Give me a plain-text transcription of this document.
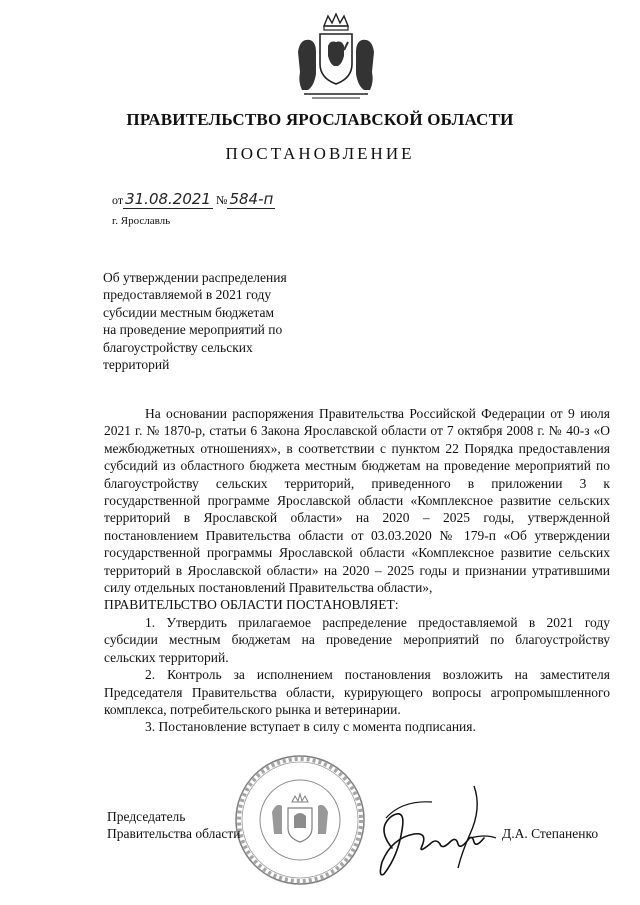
ПРАВИТЕЛЬСТВО ЯРОСЛАВСКОЙ ОБЛАСТИ
ПОСТАНОВЛЕНИЕ
от 31.08.2021 № 584-п
г. Ярославль
Об утверждении распределения
предоставляемой в 2021 году
субсидии местным бюджетам
на проведение мероприятий по
благоустройству сельских
территорий

На основании распоряжения Правительства Российской Федерации от 9 июля 2021 г. № 1870-р, статьи 6 Закона Ярославской области от 7 октября 2008 г. № 40-з «О межбюджетных отношениях», в соответствии с пунктом 22 Порядка предоставления субсидий из областного бюджета местным бюджетам на проведение мероприятий по благоустройству сельских территорий, приведенного в приложении 3 к государственной программе Ярославской области «Комплексное развитие сельских территорий в Ярославской области» на 2020 – 2025 годы, утвержденной постановлением Правительства области от 03.03.2020 № 179-п «Об утверждении государственной программы Ярославской области «Комплексное развитие сельских территорий в Ярославской области» на 2020 – 2025 годы и признании утратившими силу отдельных постановлений Правительства области»,

ПРАВИТЕЛЬСТВО ОБЛАСТИ ПОСТАНОВЛЯЕТ:

1. Утвердить прилагаемое распределение предоставляемой в 2021 году субсидии местным бюджетам на проведение мероприятий по благоустройству сельских территорий.

2. Контроль за исполнением постановления возложить на заместителя Председателя Правительства области, курирующего вопросы агропромышленного комплекса, потребительского рынка и ветеринарии.

3. Постановление вступает в силу с момента подписания.

Председатель
Правительства области	Д.А. Степаненко
